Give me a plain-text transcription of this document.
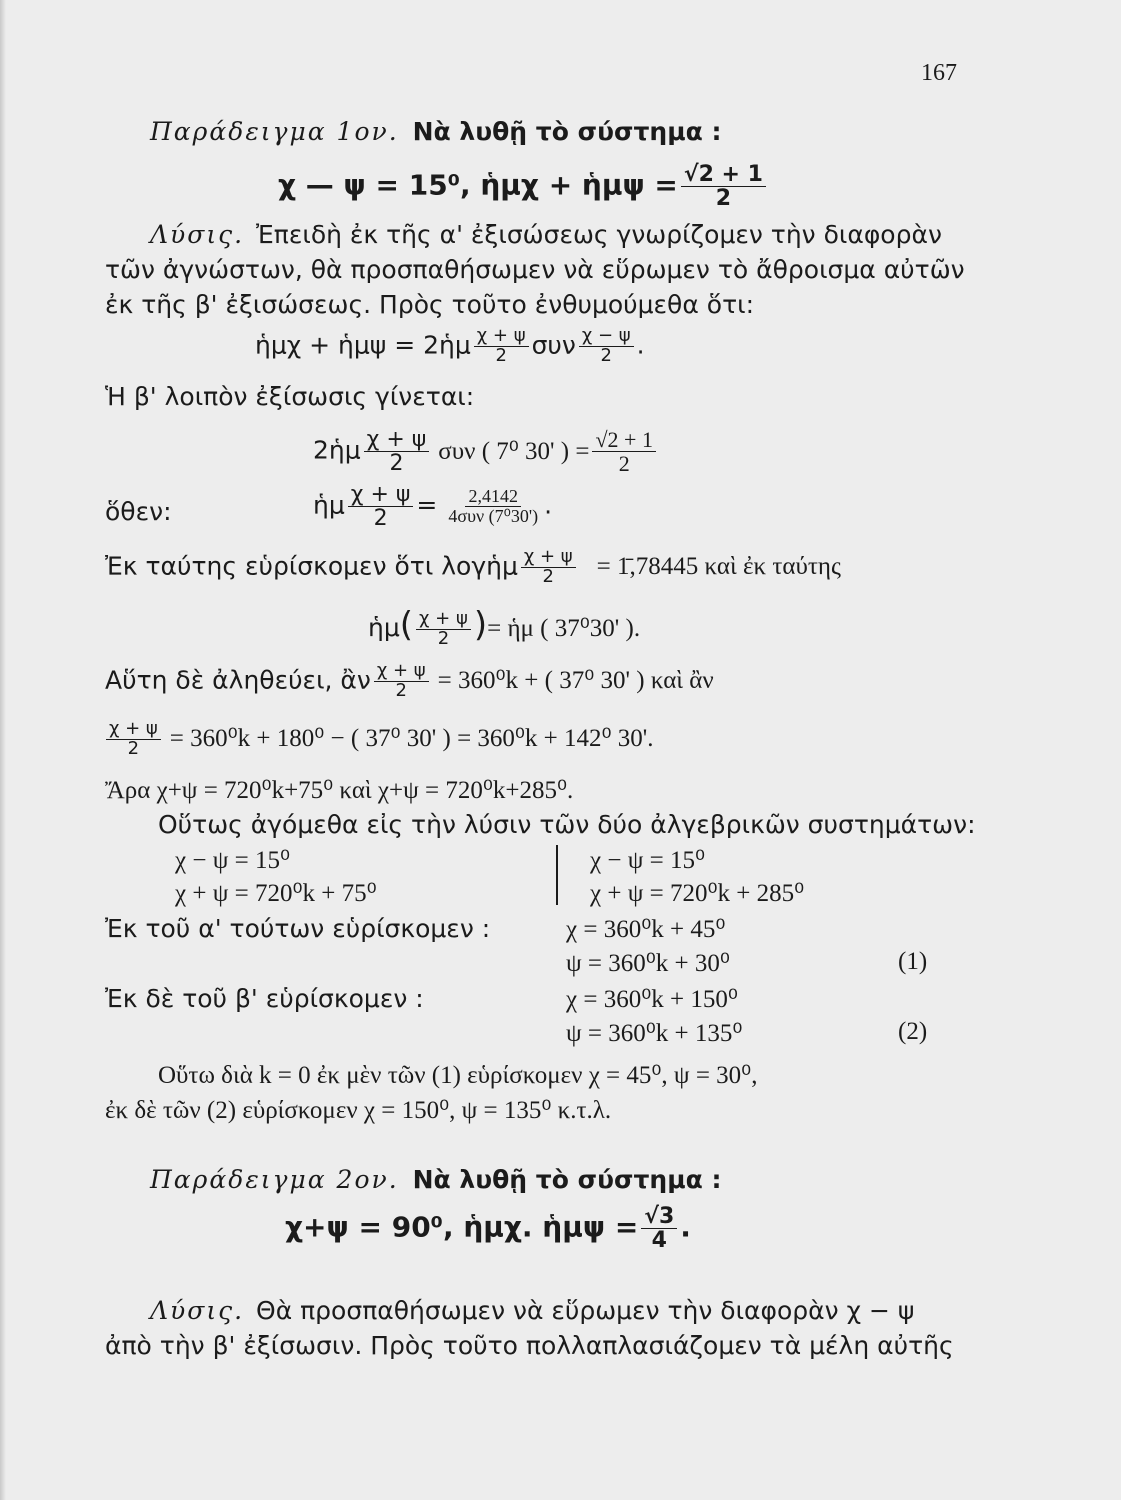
167
Παράδειγμα 1ον. Νὰ λυθῇ τὸ σύστημα :
χ — ψ = 15⁰, ἡμχ + ἡμψ = $\frac{√2 + 1}{2}$
Λύσις. Ἐπειδὴ ἐκ τῆς α' ἐξισώσεως γνωρίζομεν τὴν διαφορὰν
τῶν ἀγνώστων, θὰ προσπαθήσωμεν νὰ εὕρωμεν τὸ ἄθροισμα αὐτῶν
ἐκ τῆς β' ἐξισώσεως. Πρὸς τοῦτο ἐνθυμούμεθα ὅτι:
ἡμχ + ἡμψ = 2ἡμ $\frac{\chi + \psi}{2}$ συν $\frac{\chi - \psi}{2}$ .
Ἡ β' λοιπὸν ἐξίσωσις γίνεται:
2ἡμ $\frac{\chi + \psi}{2}$ συν ( 7⁰ 30' ) = $\frac{√2 + 1}{2}$
ὅθεν:	ἡμ $\frac{\chi + \psi}{2} = \frac{2,4142}{\text{4συν (7⁰30')}}$ .
Ἐκ ταύτης εὑρίσκομεν ὅτι λογἡμ $\frac{\chi + \psi}{2}$ = 1̄,78445 καὶ ἐκ ταύτης
ἡμ( $\frac{\chi + \psi}{2}$ )= ἡμ ( 37⁰30' ).
Αὕτη δὲ ἀληθεύει, ἂν $\frac{\chi + \psi}{2} = 360^0k$ + ( 37⁰ 30' ) καὶ ἂν
$\frac{\chi + \psi}{2} = 360^0k + 180^0$ − ( 37⁰ 30' ) = 360⁰k + 142⁰ 30'.
Ἄρα χ+ψ = 720⁰k+75⁰ καὶ χ+ψ = 720⁰k+285⁰.
Οὕτως ἀγόμεθα εἰς τὴν λύσιν τῶν δύο ἀλγεβρικῶν συστημάτων:
χ − ψ = 15⁰
χ + ψ = 720⁰k + 75⁰
χ − ψ = 15⁰
χ + ψ = 720⁰k + 285⁰
Ἐκ τοῦ α' τούτων εὑρίσκομεν :	χ = 360⁰k + 45⁰
ψ = 360⁰k + 30⁰	(1)
Ἐκ δὲ τοῦ β' εὑρίσκομεν :	χ = 360⁰k + 150⁰
ψ = 360⁰k + 135⁰	(2)
Οὕτω διὰ k = 0 ἐκ μὲν τῶν (1) εὑρίσκομεν χ = 45⁰, ψ = 30⁰,
ἐκ δὲ τῶν (2) εὑρίσκομεν χ = 150⁰, ψ = 135⁰ κ.τ.λ.
Παράδειγμα 2ον. Νὰ λυθῇ τὸ σύστημα :
χ+ψ = 90⁰, ἡμχ. ἡμψ = $\frac{√3}{4}$ .
Λύσις. Θὰ προσπαθήσωμεν νὰ εὕρωμεν τὴν διαφορὰν χ − ψ
ἀπὸ τὴν β' ἐξίσωσιν. Πρὸς τοῦτο πολλαπλασιάζομεν τὰ μέλη αὐτῆς
